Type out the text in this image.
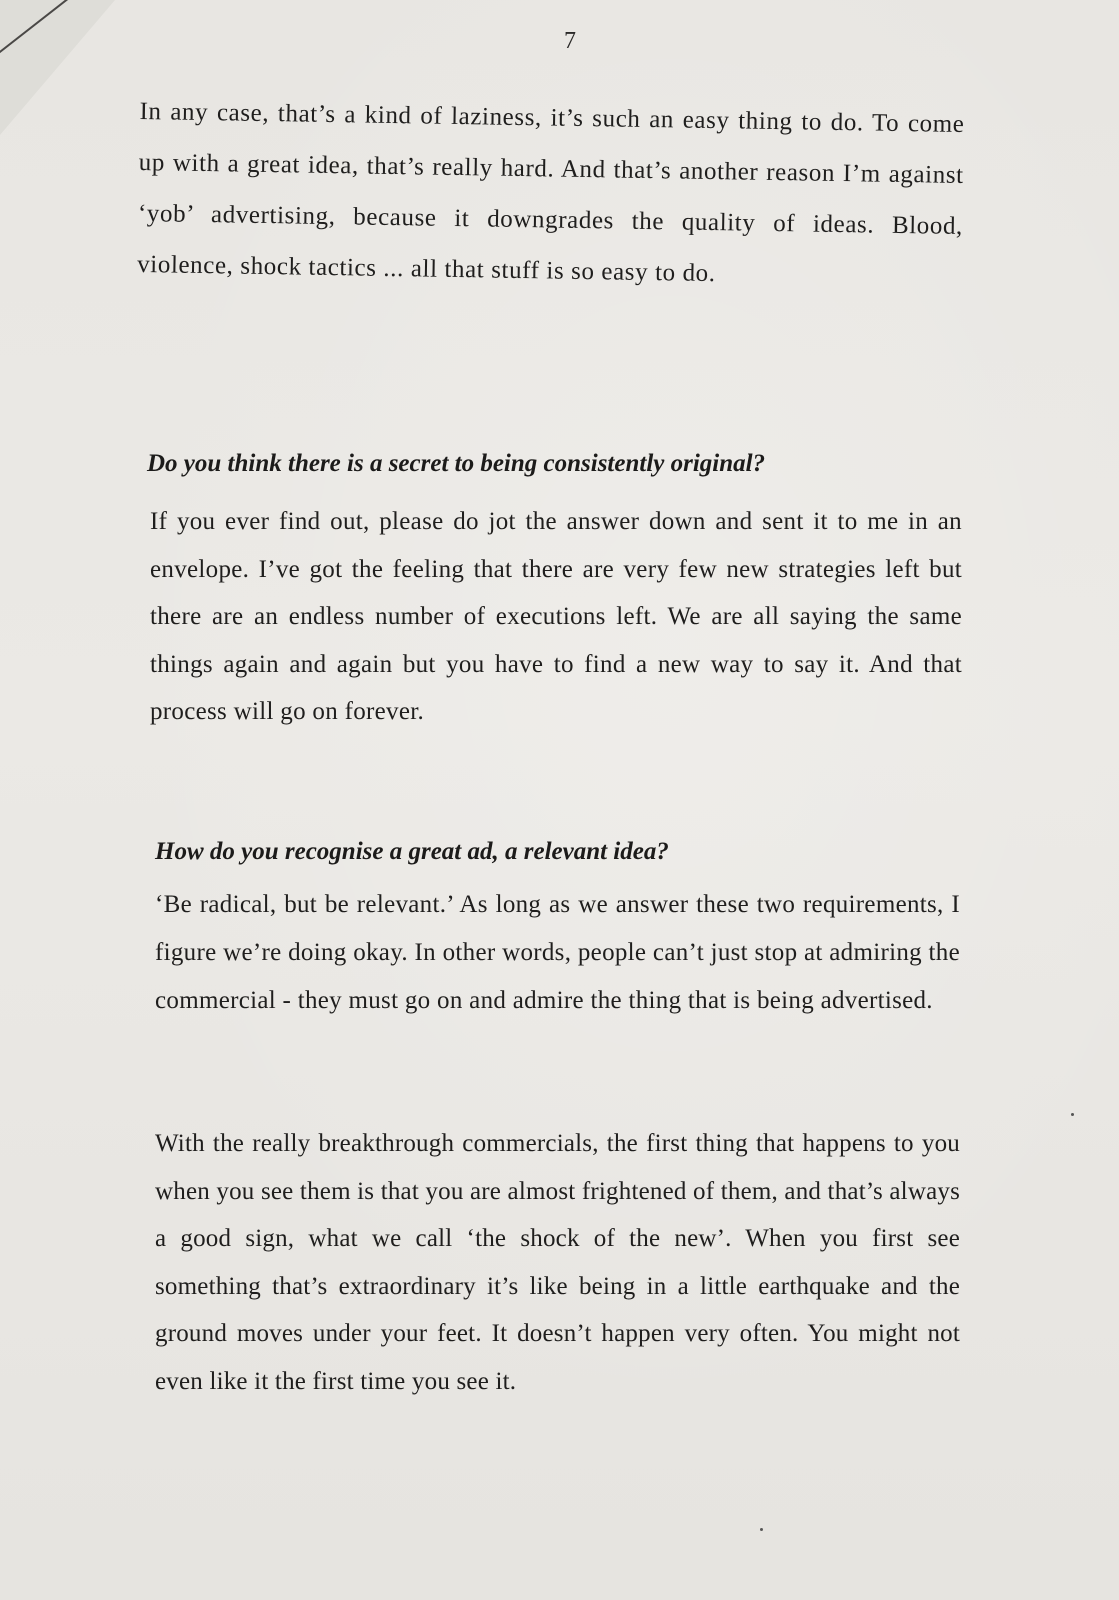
7

In any case, that’s a kind of laziness, it’s such an easy thing to do. To come up with a great idea, that’s really hard. And that’s another reason I’m against ‘yob’ advertising, because it downgrades the quality of ideas. Blood, violence, shock tactics ... all that stuff is so easy to do.

Do you think there is a secret to being consistently original?

If you ever find out, please do jot the answer down and sent it to me in an envelope. I’ve got the feeling that there are very few new strategies left but there are an endless number of executions left. We are all saying the same things again and again but you have to find a new way to say it. And that process will go on forever.

How do you recognise a great ad, a relevant idea?

‘Be radical, but be relevant.’ As long as we answer these two requirements, I figure we’re doing okay. In other words, people can’t just stop at admiring the commercial - they must go on and admire the thing that is being advertised.

With the really breakthrough commercials, the first thing that happens to you when you see them is that you are almost frightened of them, and that’s always a good sign, what we call ‘the shock of the new’. When you first see something that’s extraordinary it’s like being in a little earthquake and the ground moves under your feet. It doesn’t happen very often. You might not even like it the first time you see it.
